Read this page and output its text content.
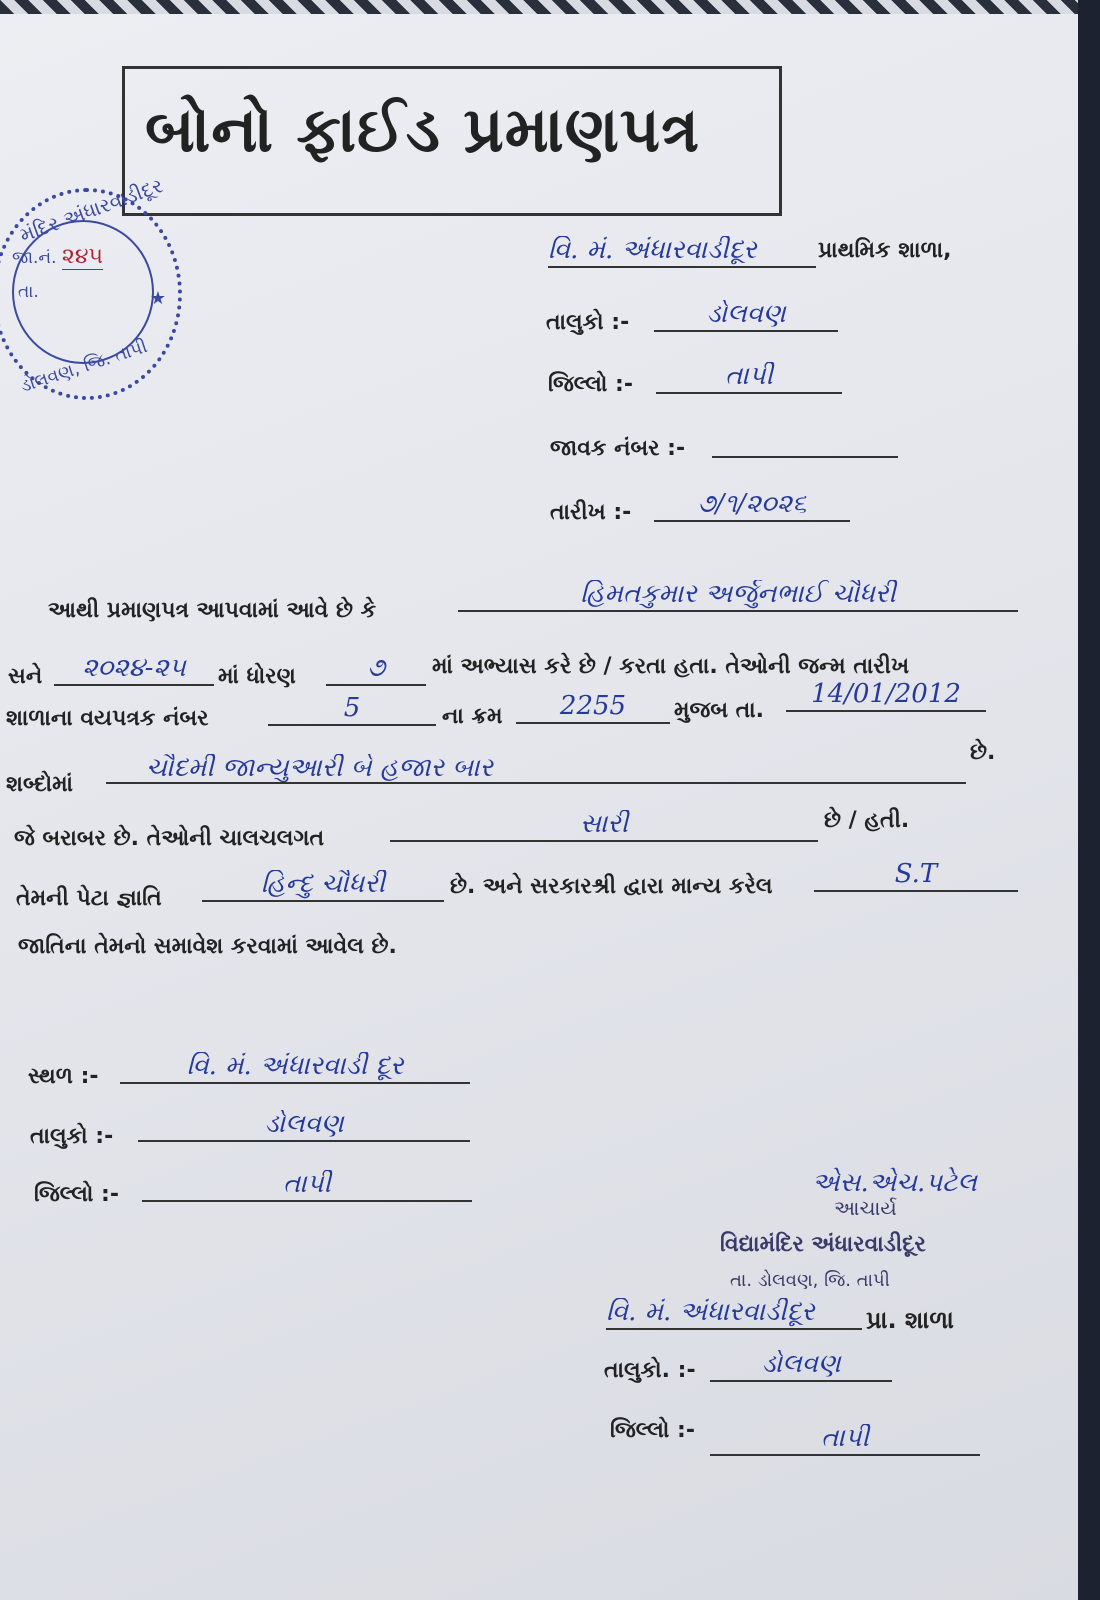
બોનો ફાઈડ પ્રમાણપત્ર
મંદિર અંધારવાડીદૂર
જા.નં. ૨૪૫
તા.	★
ડોલવણ, જિ. તાપી
વિ. મં. અંધારવાડીદૂર	પ્રાથમિક શાળા,
તાલુકો :-	ડોલવણ
જિલ્લો :-	તાપી
જાવક નંબર :-
તારીખ :-	૭/૧/૨૦૨૬
આથી પ્રમાણપત્ર આપવામાં આવે છે કે
હિમતકુમાર અર્જુનભાઈ ચૌધરી
સને	૨૦૨૪-૨૫	માં ધોરણ	૭	માં અભ્યાસ કરે છે / કરતા હતા. તેઓની જન્મ તારીખ
શાળાના વયપત્રક નંબર	5	ના ક્રમ	2255	મુજબ તા.
14/01/2012
શબ્દોમાં
ચૌદમી જાન્યુઆરી બે હજાર બાર
છે.
જે બરાબર છે. તેઓની ચાલચલગત	સારી	છે / હતી.
તેમની પેટા જ્ઞાતિ	હિન્દુ ચૌધરી	છે. અને સરકારશ્રી દ્વારા માન્ય કરેલ	S.T
જાતિના તેમનો સમાવેશ કરવામાં આવેલ છે.
સ્થળ :-	વિ. મં. અંધારવાડી દૂર
તાલુકો :-	ડોલવણ
જિલ્લો :-	તાપી	એસ.એચ.પટેલ
આચાર્ય
વિદ્યામંદિર અંધારવાડીદૂર
તા. ડોલવણ, જિ. તાપી
વિ. મં. અંધારવાડીદૂર	પ્રા. શાળા
તાલુકો. :-	ડોલવણ
જિલ્લો :-	તાપી
